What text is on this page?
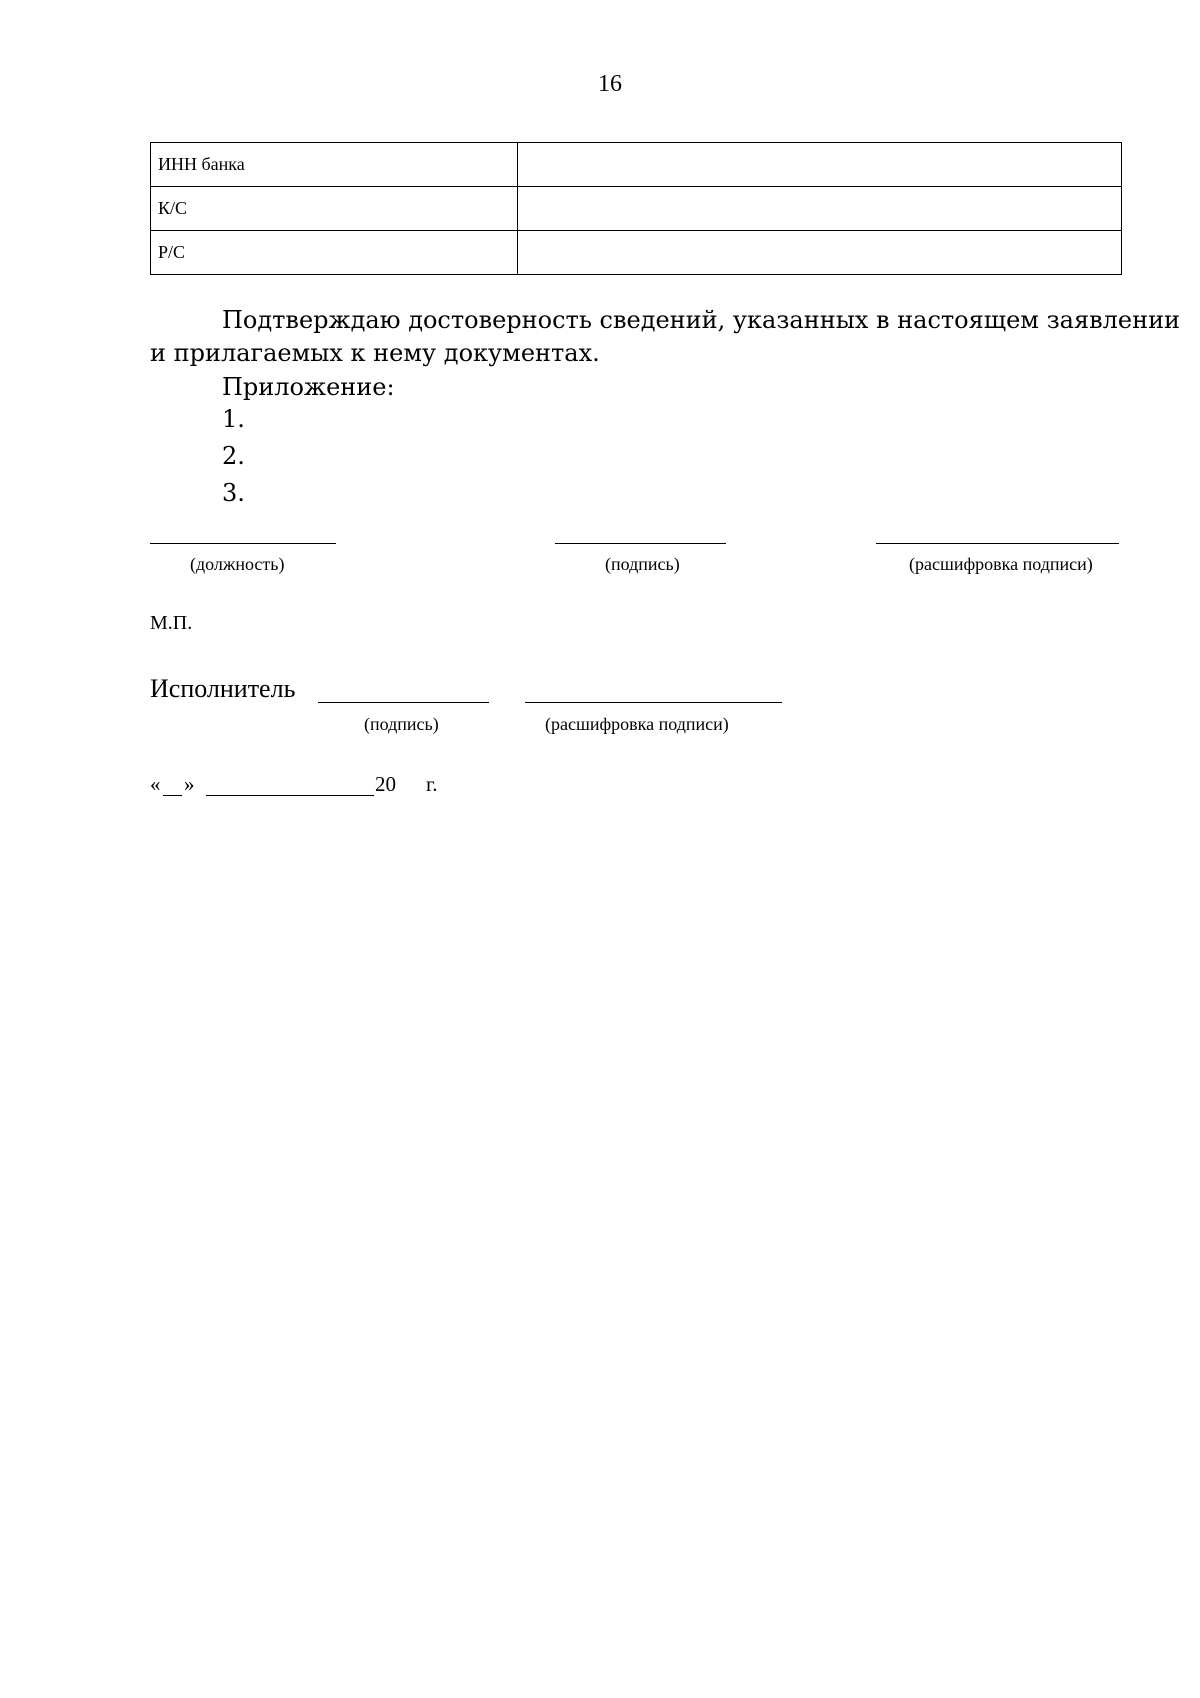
16
ИНН банка	
К/С	
Р/С	
Подтверждаю достоверность сведений, указанных в настоящем заявлении
и прилагаемых к нему документах.
Приложение:
1.
2.
3.
(должность)	(подпись)	(расшифровка подписи)
М.П.
Исполнитель
(подпись)	(расшифровка подписи)
« »	20 г.
